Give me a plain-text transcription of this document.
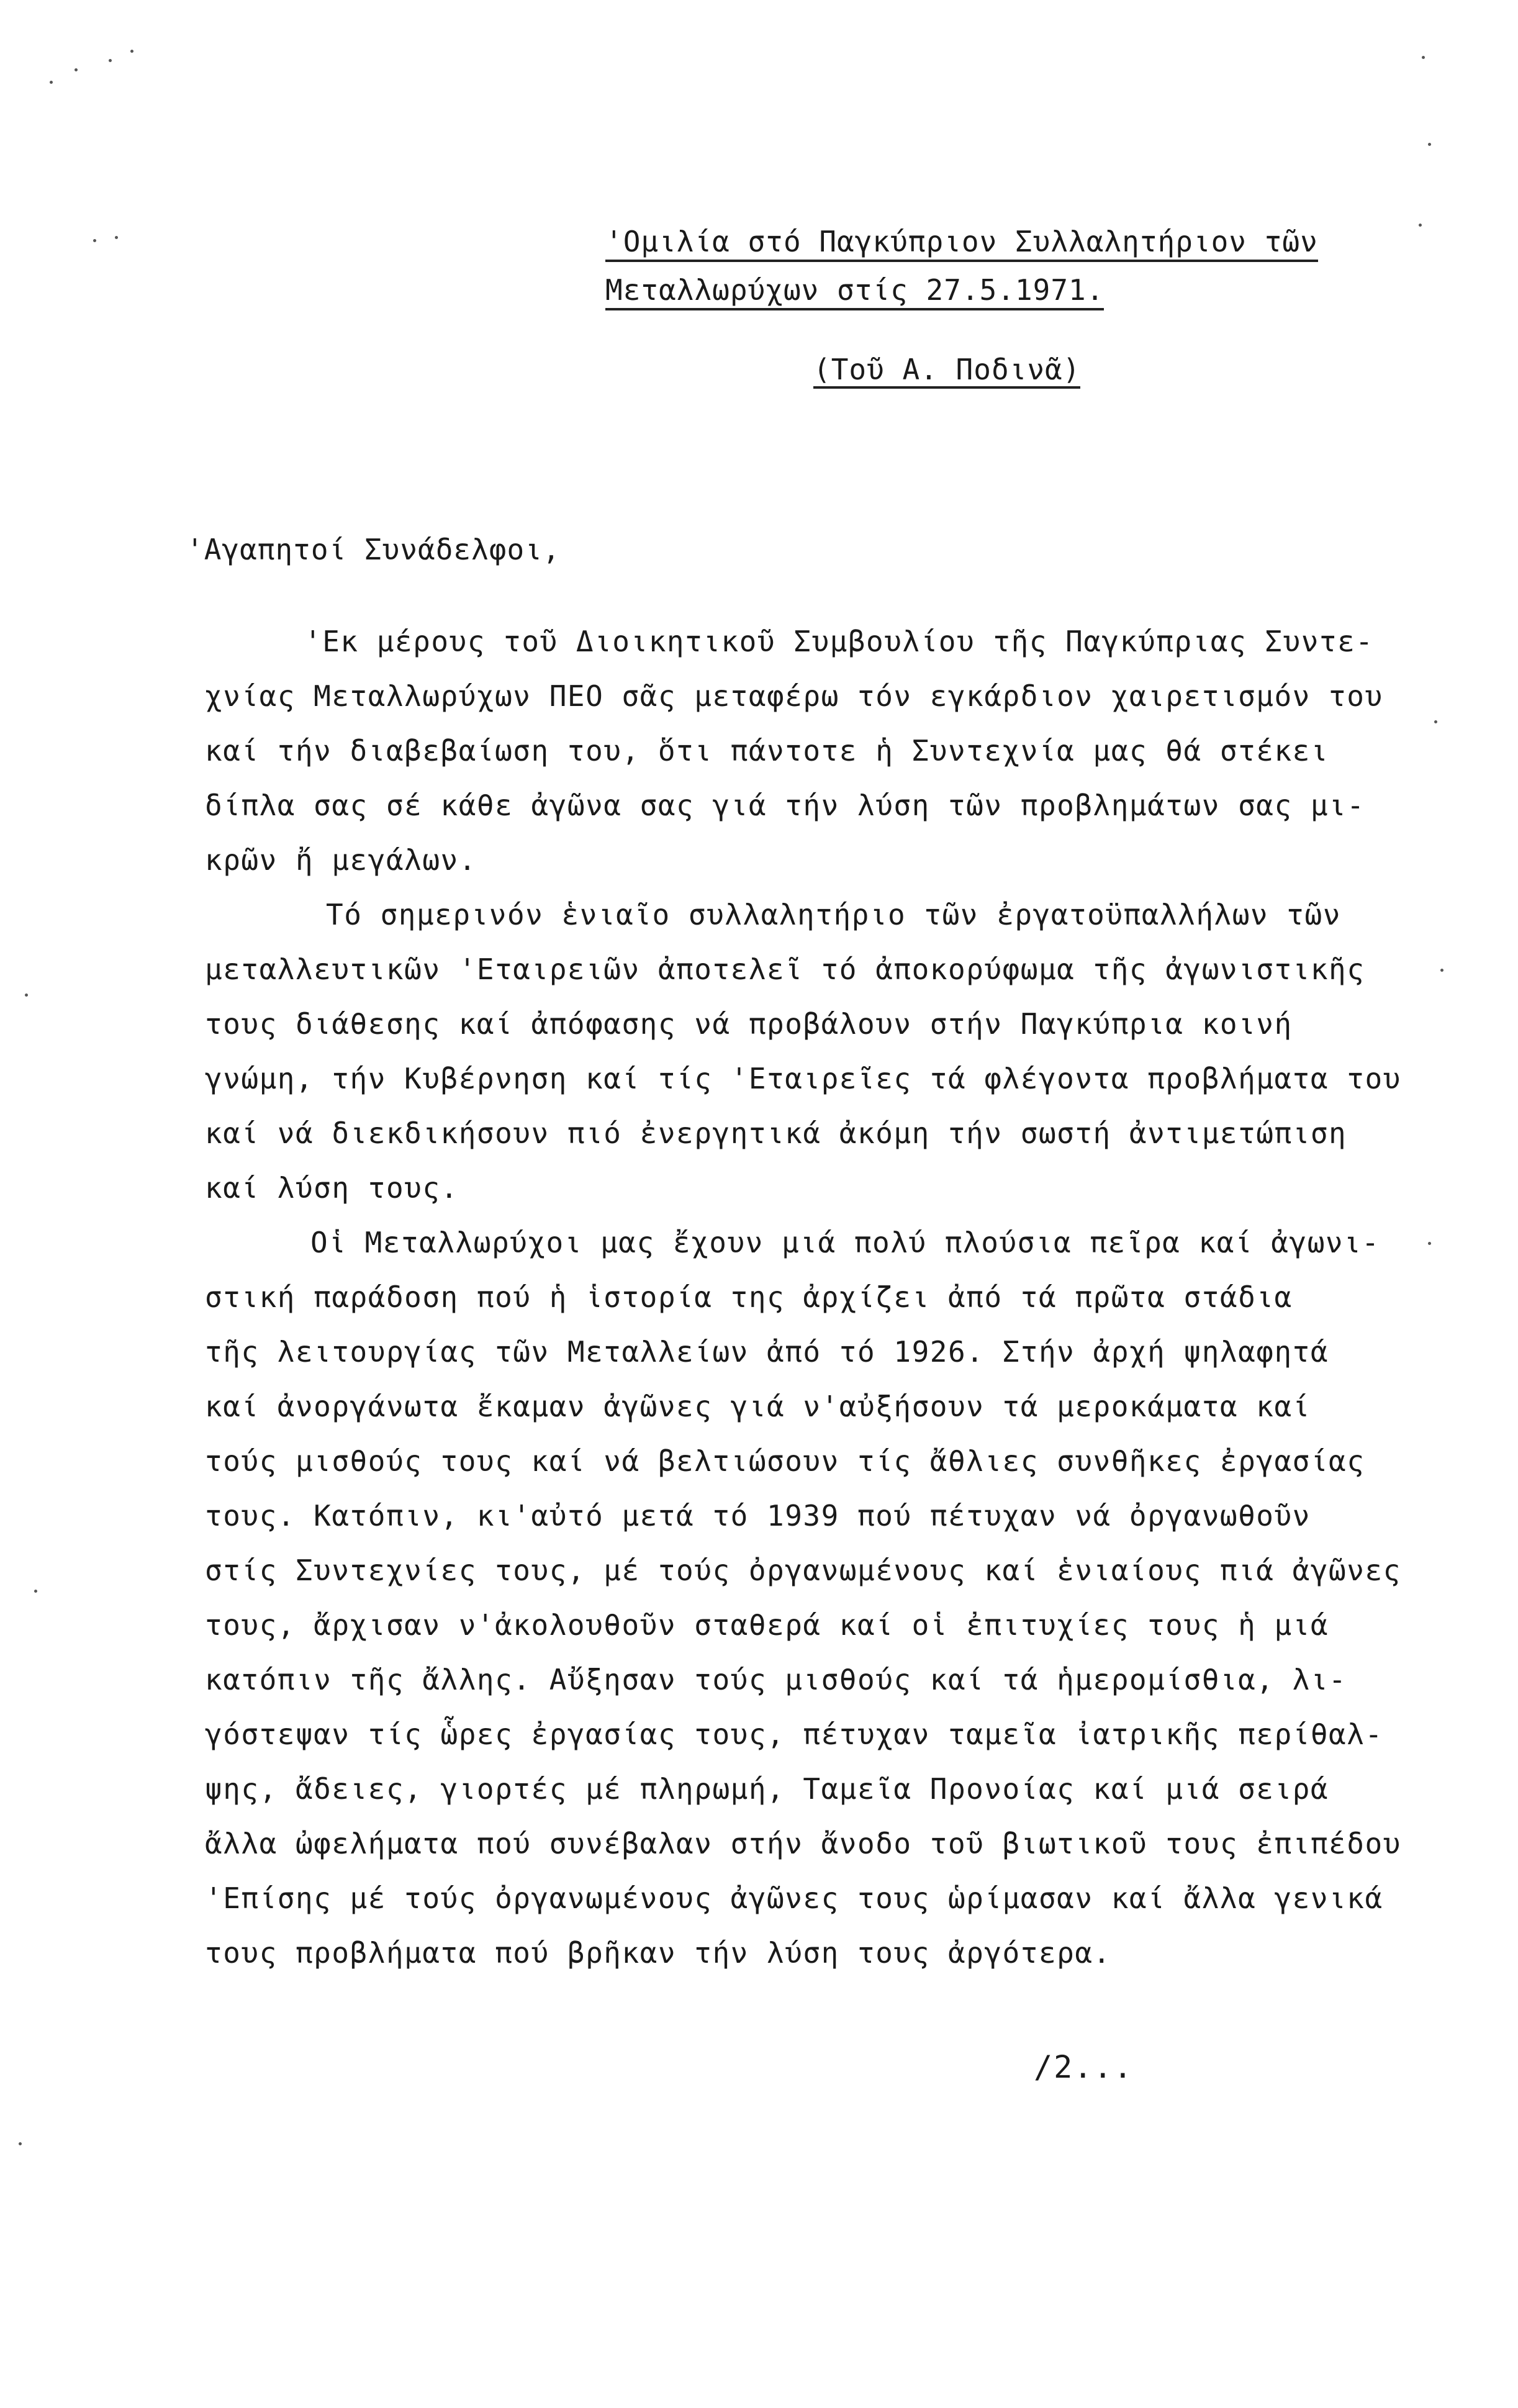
'Ομιλία στό Παγκύπριον Συλλαλητήριον τῶν
Μεταλλωρύχων στίς 27.5.1971.
(Τοῦ Α. Ποδινᾶ)
'Αγαπητοί Συνάδελφοι,
'Εκ μέρους τοῦ Διοικητικοῦ Συμβουλίου τῆς Παγκύπριας Συντε-
χνίας Μεταλλωρύχων ΠΕΟ σᾶς μεταφέρω τόν εγκάρδιον χαιρετισμόν του
καί τήν διαβεβαίωση του, ὅτι πάντοτε ἡ Συντεχνία μας θά στέκει
δίπλα σας σέ κάθε ἀγῶνα σας γιά τήν λύση τῶν προβλημάτων σας μι-
κρῶν ἤ μεγάλων.
Τό σημερινόν ἑνιαῖο συλλαλητήριο τῶν ἐργατοϋπαλλήλων τῶν
μεταλλευτικῶν 'Εταιρειῶν ἀποτελεῖ τό ἀποκορύφωμα τῆς ἀγωνιστικῆς
τους διάθεσης καί ἀπόφασης νά προβάλουν στήν Παγκύπρια κοινή
γνώμη, τήν Κυβέρνηση καί τίς 'Εταιρεῖες τά φλέγοντα προβλήματα του
καί νά διεκδικήσουν πιό ἐνεργητικά ἀκόμη τήν σωστή ἀντιμετώπιση
καί λύση τους.
Οἱ Μεταλλωρύχοι μας ἔχουν μιά πολύ πλούσια πεῖρα καί ἀγωνι-
στική παράδοση πού ἡ ἱστορία της ἀρχίζει ἀπό τά πρῶτα στάδια
τῆς λειτουργίας τῶν Μεταλλείων ἀπό τό 1926. Στήν ἀρχή ψηλαφητά
καί ἀνοργάνωτα ἔκαμαν ἀγῶνες γιά ν'αὐξήσουν τά μεροκάματα καί
τούς μισθούς τους καί νά βελτιώσουν τίς ἄθλιες συνθῆκες ἐργασίας
τους. Κατόπιν, κι'αὐτό μετά τό 1939 πού πέτυχαν νά ὀργανωθοῦν
στίς Συντεχνίες τους, μέ τούς ὀργανωμένους καί ἑνιαίους πιά ἀγῶνες
τους, ἄρχισαν ν'ἀκολουθοῦν σταθερά καί οἱ ἐπιτυχίες τους ἡ μιά
κατόπιν τῆς ἄλλης. Αὔξησαν τούς μισθούς καί τά ἡμερομίσθια, λι-
γόστεψαν τίς ὧρες ἐργασίας τους, πέτυχαν ταμεῖα ἰατρικῆς περίθαλ-
ψης, ἄδειες, γιορτές μέ πληρωμή, Ταμεῖα Προνοίας καί μιά σειρά
ἄλλα ὠφελήματα πού συνέβαλαν στήν ἄνοδο τοῦ βιωτικοῦ τους ἐπιπέδου
'Επίσης μέ τούς ὀργανωμένους ἀγῶνες τους ὡρίμασαν καί ἄλλα γενικά
τους προβλήματα πού βρῆκαν τήν λύση τους ἀργότερα.
/2...
